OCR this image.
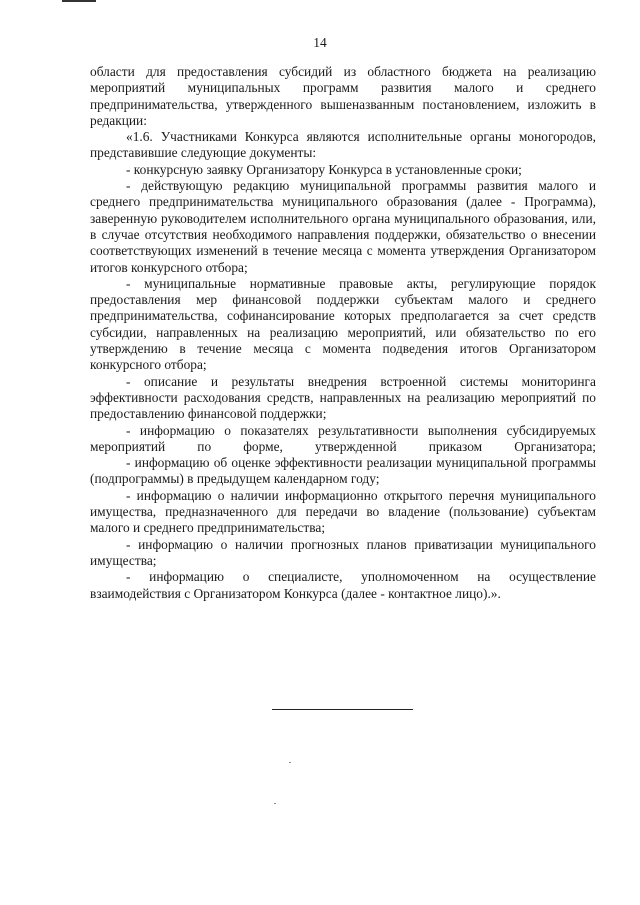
14

области для предоставления субсидий из областного бюджета на реализацию мероприятий муниципальных программ развития малого и среднего предпринимательства, утвержденного вышеназванным постановлением, изложить в редакции:

«1.6. Участниками Конкурса являются исполнительные органы моногородов, представившие следующие документы:

- конкурсную заявку Организатору Конкурса в установленные сроки;

- действующую редакцию муниципальной программы развития малого и среднего предпринимательства муниципального образования (далее - Программа), заверенную руководителем исполнительного органа муниципального образования, или, в случае отсутствия необходимого направления поддержки, обязательство о внесении соответствующих изменений в течение месяца с момента утверждения Организатором итогов конкурсного отбора;

- муниципальные нормативные правовые акты, регулирующие порядок предоставления мер финансовой поддержки субъектам малого и среднего предпринимательства, софинансирование которых предполагается за счет средств субсидии, направленных на реализацию мероприятий, или обязательство по его утверждению в течение месяца с момента подведения итогов Организатором конкурсного отбора;

- описание и результаты внедрения встроенной системы мониторинга эффективности расходования средств, направленных на реализацию мероприятий по предоставлению финансовой поддержки;

- информацию о показателях результативности выполнения субсидируемых мероприятий по форме, утвержденной приказом Организатора;

- информацию об оценке эффективности реализации муниципальной программы (подпрограммы) в предыдущем календарном году;

- информацию о наличии информационно открытого перечня муниципального имущества, предназначенного для передачи во владение (пользование) субъектам малого и среднего предпринимательства;

- информацию о наличии прогнозных планов приватизации муниципального имущества;

- информацию о специалисте, уполномоченном на осуществление взаимодействия с Организатором Конкурса (далее - контактное лицо).».
